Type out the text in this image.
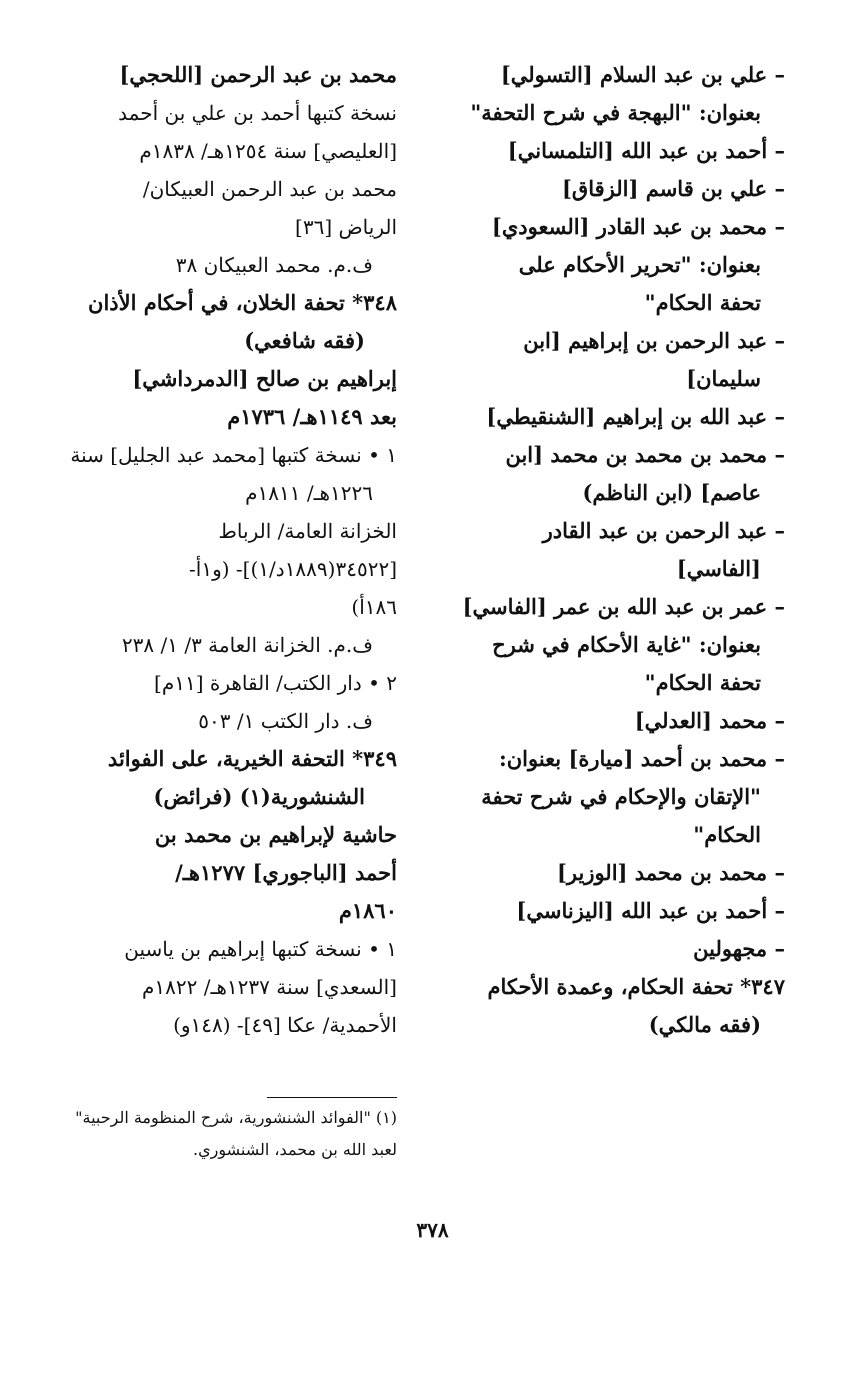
– علي بن عبد السلام [التسولي]
بعنوان: "البهجة في شرح التحفة"
– أحمد بن عبد الله [التلمساني]
– علي بن قاسم [الزقاق]
– محمد بن عبد القادر [السعودي]
بعنوان: "تحرير الأحكام على
تحفة الحكام"
– عبد الرحمن بن إبراهيم [ابن
سليمان]
– عبد الله بن إبراهيم [الشنقيطي]
– محمد بن محمد بن محمد [ابن
عاصم] (ابن الناظم)
– عبد الرحمن بن عبد القادر
[الفاسي]
– عمر بن عبد الله بن عمر [الفاسي]
بعنوان: "غاية الأحكام في شرح
تحفة الحكام"
– محمد [العدلي]
– محمد بن أحمد [ميارة] بعنوان:
"الإتقان والإحكام في شرح تحفة
الحكام"
– محمد بن محمد [الوزير]
– أحمد بن عبد الله [اليزناسي]
– مجهولين
٣٤٧* تحفة الحكام، وعمدة الأحكام
(فقه مالكي)
محمد بن عبد الرحمن [اللحجي]
نسخة كتبها أحمد بن علي بن أحمد
[العليصي] سنة ١٢٥٤هـ/ ١٨٣٨م
محمد بن عبد الرحمن العبيكان/
الرياض [٣٦]
ف.م. محمد العبيكان ٣٨
٣٤٨* تحفة الخلان، في أحكام الأذان
(فقه شافعي)
إبراهيم بن صالح [الدمرداشي]
بعد ١١٤٩هـ/ ١٧٣٦م
١ • نسخة كتبها [محمد عبد الجليل] سنة
١٢٢٦هـ/ ١٨١١م
الخزانة العامة/ الرباط
[٣٤٥٢٢(١٨٨٩د/١)]- (و١أ-
١٨٦أ)
ف.م. الخزانة العامة ٣/ ١/ ٢٣٨
٢ • دار الكتب/ القاهرة [١١م]
ف. دار الكتب ١/ ٥٠٣
٣٤٩* التحفة الخيرية، على الفوائد
الشنشورية(١) (فرائض)
حاشية لإبراهيم بن محمد بن
أحمد [الباجوري] ١٢٧٧هـ/
١٨٦٠م
١ • نسخة كتبها إبراهيم بن ياسين
[السعدي] سنة ١٢٣٧هـ/ ١٨٢٢م
الأحمدية/ عكا [٤٩]- (١٤٨و)
(١) "الفوائد الشنشورية، شرح المنظومة الرحبية"
لعبد الله بن محمد، الشنشوري.
٣٧٨
